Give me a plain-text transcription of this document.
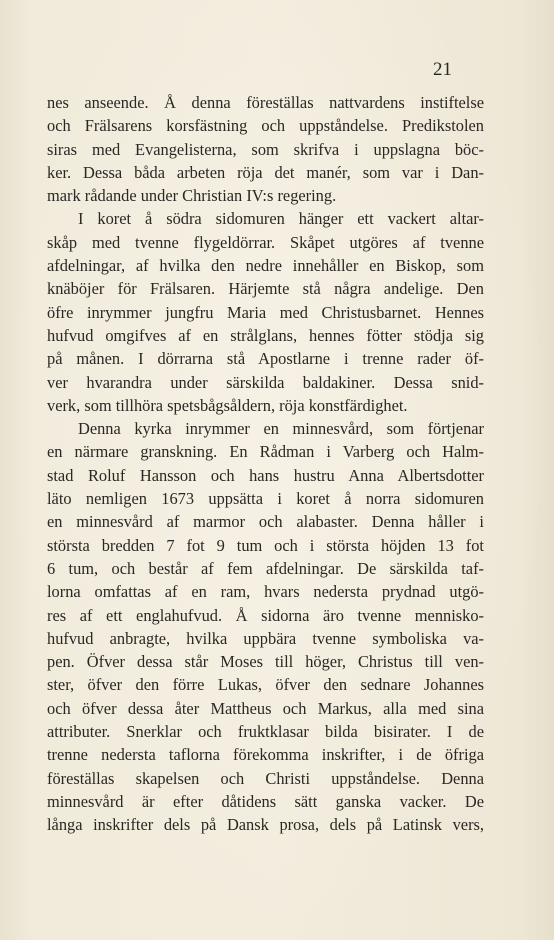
21
nes anseende. Å denna föreställas nattvardens instiftelse
och Frälsarens korsfästning och uppståndelse. Predikstolen
siras med Evangelisterna, som skrifva i uppslagna böc-
ker. Dessa båda arbeten röja det manér, som var i Dan-
mark rådande under Christian IV:s regering.
I koret å södra sidomuren hänger ett vackert altar-
skåp med tvenne flygeldörrar. Skåpet utgöres af tvenne
afdelningar, af hvilka den nedre innehåller en Biskop, som
knäböjer för Frälsaren. Härjemte stå några andelige. Den
öfre inrymmer jungfru Maria med Christusbarnet. Hennes
hufvud omgifves af en strålglans, hennes fötter stödja sig
på månen. I dörrarna stå Apostlarne i trenne rader öf-
ver hvarandra under särskilda baldakiner. Dessa snid-
verk, som tillhöra spetsbågsåldern, röja konstfärdighet.
Denna kyrka inrymmer en minnesvård, som förtjenar
en närmare granskning. En Rådman i Varberg och Halm-
stad Roluf Hansson och hans hustru Anna Albertsdotter
läto nemligen 1673 uppsätta i koret å norra sidomuren
en minnesvård af marmor och alabaster. Denna håller i
största bredden 7 fot 9 tum och i största höjden 13 fot
6 tum, och består af fem afdelningar. De särskilda taf-
lorna omfattas af en ram, hvars nedersta prydnad utgö-
res af ett englahufvud. Å sidorna äro tvenne mennisko-
hufvud anbragte, hvilka uppbära tvenne symboliska va-
pen. Öfver dessa står Moses till höger, Christus till ven-
ster, öfver den förre Lukas, öfver den sednare Johannes
och öfver dessa åter Mattheus och Markus, alla med sina
attributer. Snerklar och fruktklasar bilda bisirater. I de
trenne nedersta taflorna förekomma inskrifter, i de öfriga
föreställas skapelsen och Christi uppståndelse. Denna
minnesvård är efter dåtidens sätt ganska vacker. De
långa inskrifter dels på Dansk prosa, dels på Latinsk vers,
